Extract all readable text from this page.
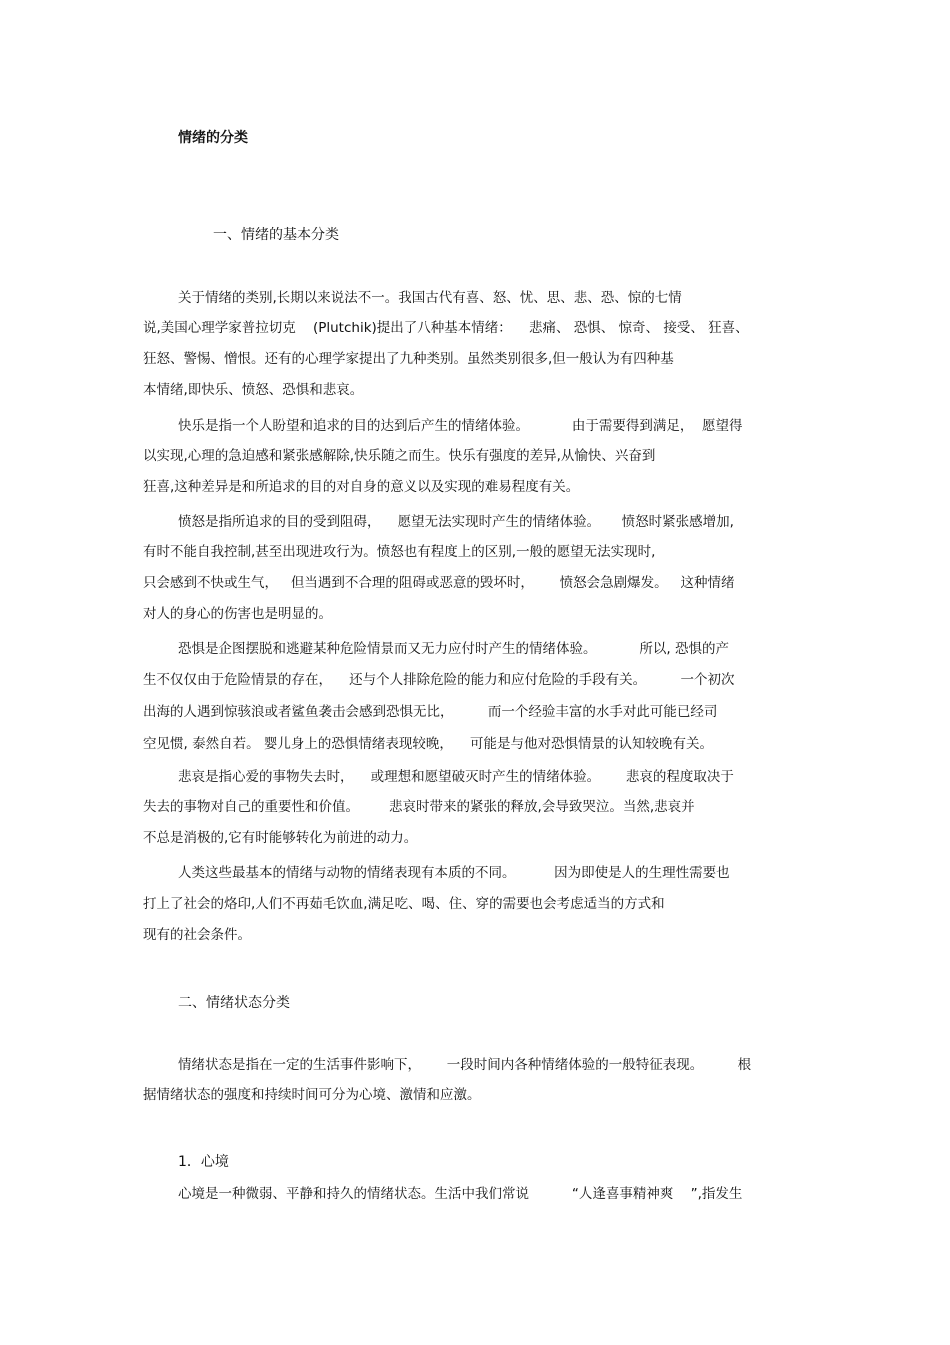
情绪的分类
一、情绪的基本分类
关于情绪的类别,长期以来说法不一。我国古代有喜、怒、忧、思、悲、恐、惊的七情
说,美国心理学家普拉切克    (Plutchik)提出了八种基本情绪：    悲痛、 恐惧、 惊奇、 接受、 狂喜、
狂怒、警惕、憎恨。还有的心理学家提出了九种类别。虽然类别很多,但一般认为有四种基
本情绪,即快乐、愤怒、恐惧和悲哀。
快乐是指一个人盼望和追求的目的达到后产生的情绪体验。          由于需要得到满足，  愿望得
以实现,心理的急迫感和紧张感解除,快乐随之而生。快乐有强度的差异,从愉快、兴奋到
狂喜,这种差异是和所追求的目的对自身的意义以及实现的难易程度有关。
愤怒是指所追求的目的受到阻碍，    愿望无法实现时产生的情绪体验。     愤怒时紧张感增加,
有时不能自我控制,甚至出现进攻行为。愤怒也有程度上的区别,一般的愿望无法实现时,
只会感到不快或生气，   但当遇到不合理的阻碍或恶意的毁坏时，      愤怒会急剧爆发。   这种情绪
对人的身心的伤害也是明显的。
恐惧是企图摆脱和逃避某种危险情景而又无力应付时产生的情绪体验。          所以, 恐惧的产
生不仅仅由于危险情景的存在，    还与个人排除危险的能力和应付危险的手段有关。        一个初次
出海的人遇到惊骇浪或者鲨鱼袭击会感到恐惧无比，        而一个经验丰富的水手对此可能已经司
空见惯, 泰然自若。 婴儿身上的恐惧情绪表现较晚，    可能是与他对恐惧情景的认知较晚有关。
悲哀是指心爱的事物失去时，    或理想和愿望破灭时产生的情绪体验。      悲哀的程度取决于
失去的事物对自己的重要性和价值。       悲哀时带来的紧张的释放,会导致哭泣。当然,悲哀并
不总是消极的,它有时能够转化为前进的动力。
人类这些最基本的情绪与动物的情绪表现有本质的不同。         因为即使是人的生理性需要也
打上了社会的烙印,人们不再茹毛饮血,满足吃、喝、住、穿的需要也会考虑适当的方式和
现有的社会条件。
二、情绪状态分类
情绪状态是指在一定的生活事件影响下，      一段时间内各种情绪体验的一般特征表现。        根
据情绪状态的强度和持续时间可分为心境、激情和应激。
1．心境
心境是一种微弱、平静和持久的情绪状态。生活中我们常说          “人逢喜事精神爽    ”,指发生
